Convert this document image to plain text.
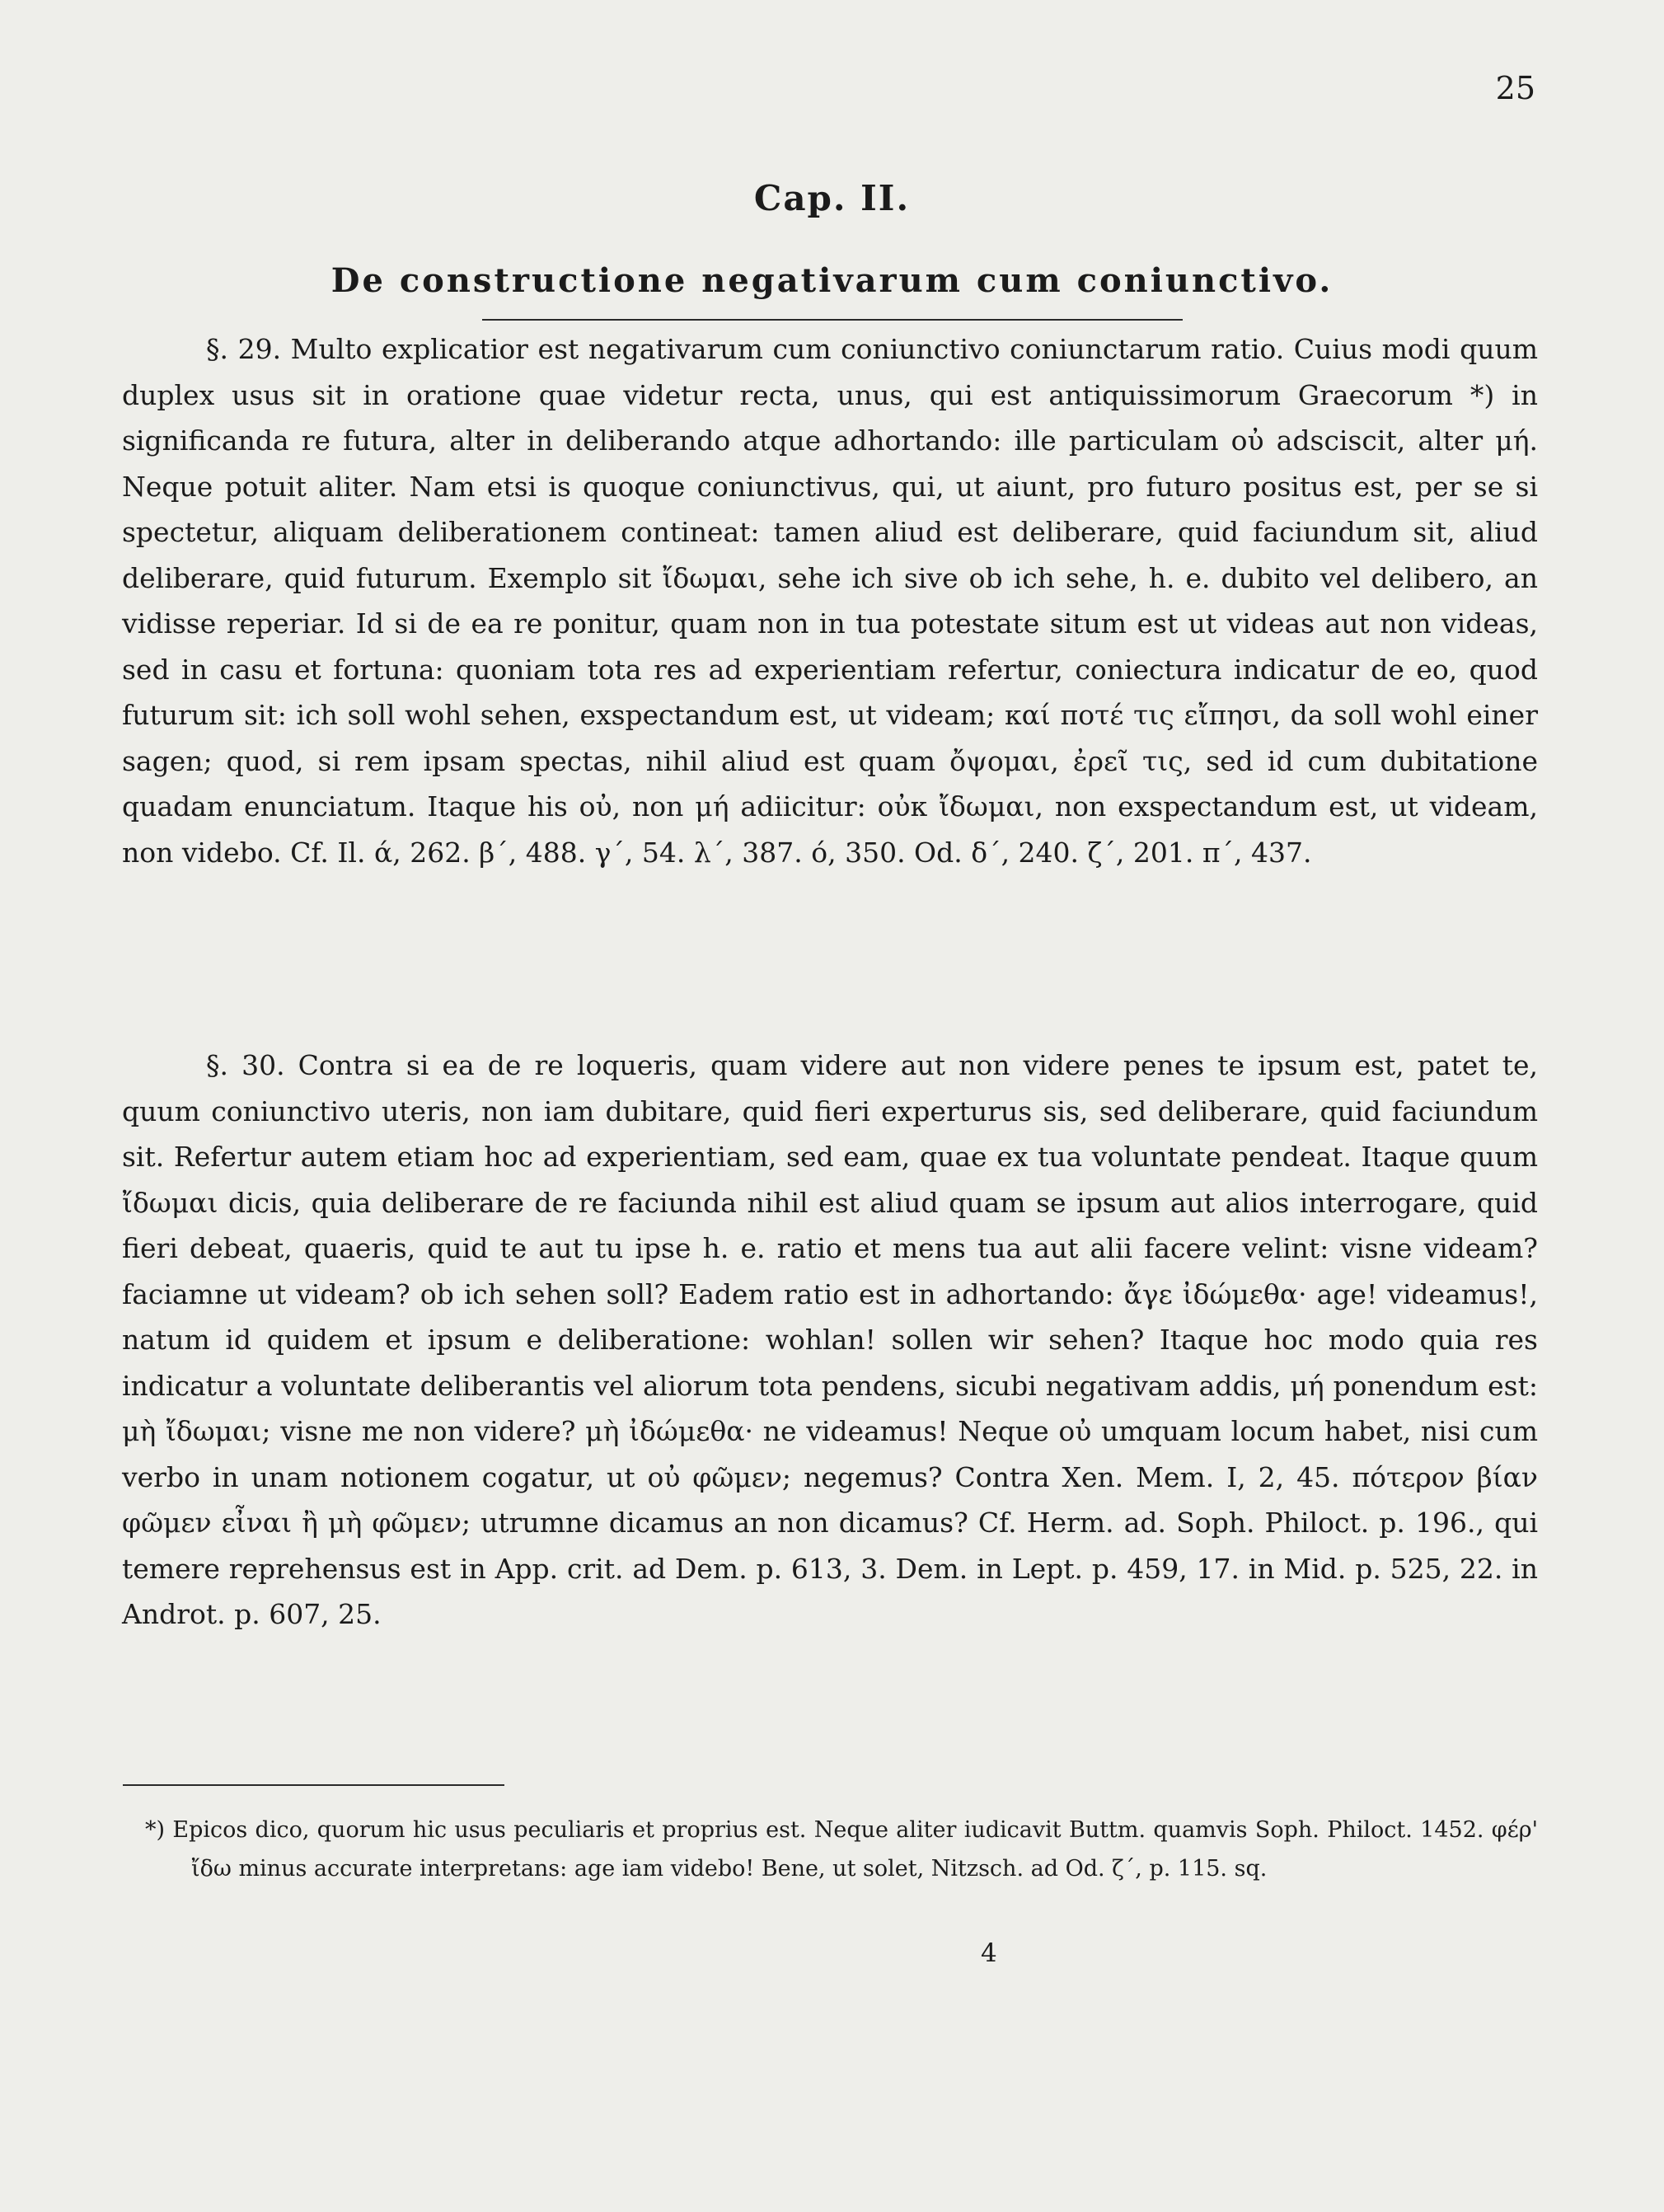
25
Cap. II.
De constructione negativarum cum coniunctivo.

§. 29. Multo explicatior est negativarum cum coniunctivo coniunctarum ratio. Cuius modi quum duplex usus sit in oratione quae videtur recta, unus, qui est antiquissimorum Graecorum *) in significanda re futura, alter in deliberando atque adhortando: ille particulam οὐ adsciscit, alter μή. Neque potuit aliter. Nam etsi is quoque coniunctivus, qui, ut aiunt, pro futuro positus est, per se si spectetur, aliquam deliberationem contineat: tamen aliud est deliberare, quid faciundum sit, aliud deliberare, quid futurum. Exemplo sit ἴδωμαι, sehe ich sive ob ich sehe, h. e. dubito vel delibero, an vidisse reperiar. Id si de ea re ponitur, quam non in tua potestate situm est ut videas aut non videas, sed in casu et fortuna: quoniam tota res ad experientiam refertur, coniectura indicatur de eo, quod futurum sit: ich soll wohl sehen, exspectandum est, ut videam; καί ποτέ τις εἴπησι, da soll wohl einer sagen; quod, si rem ipsam spectas, nihil aliud est quam ὄψομαι, ἐρεῖ τις, sed id cum dubitatione quadam enunciatum. Itaque his οὐ, non μή adiicitur: οὐκ ἴδωμαι, non exspectandum est, ut videam, non videbo. Cf. Il. ά, 262. β΄, 488. γ΄, 54. λ΄, 387. ό, 350. Od. δ΄, 240. ζ΄, 201. π΄, 437.

§. 30. Contra si ea de re loqueris, quam videre aut non videre penes te ipsum est, patet te, quum coniunctivo uteris, non iam dubitare, quid fieri experturus sis, sed deliberare, quid faciundum sit. Refertur autem etiam hoc ad experientiam, sed eam, quae ex tua voluntate pendeat. Itaque quum ἴδωμαι dicis, quia deliberare de re faciunda nihil est aliud quam se ipsum aut alios interrogare, quid fieri debeat, quaeris, quid te aut tu ipse h. e. ratio et mens tua aut alii facere velint: visne videam? faciamne ut videam? ob ich sehen soll? Eadem ratio est in adhortando: ἄγε ἰδώμεθα· age! videamus!, natum id quidem et ipsum e deliberatione: wohlan! sollen wir sehen? Itaque hoc modo quia res indicatur a voluntate deliberantis vel aliorum tota pendens, sicubi negativam addis, μή ponendum est: μὴ ἴδωμαι; visne me non videre? μὴ ἰδώμεθα· ne videamus! Neque οὐ umquam locum habet, nisi cum verbo in unam notionem cogatur, ut οὐ φῶμεν; negemus? Contra Xen. Mem. I, 2, 45. πότερον βίαν φῶμεν εἶναι ἢ μὴ φῶμεν; utrumne dicamus an non dicamus? Cf. Herm. ad. Soph. Philoct. p. 196., qui temere reprehensus est in App. crit. ad Dem. p. 613, 3. Dem. in Lept. p. 459, 17. in Mid. p. 525, 22. in Androt. p. 607, 25.

*) Epicos dico, quorum hic usus peculiaris et proprius est. Neque aliter iudicavit Buttm. quamvis Soph. Philoct. 1452. φέρ' ἴδω minus accurate interpretans: age iam videbo! Bene, ut solet, Nitzsch. ad Od. ζ΄, p. 115. sq.

4
